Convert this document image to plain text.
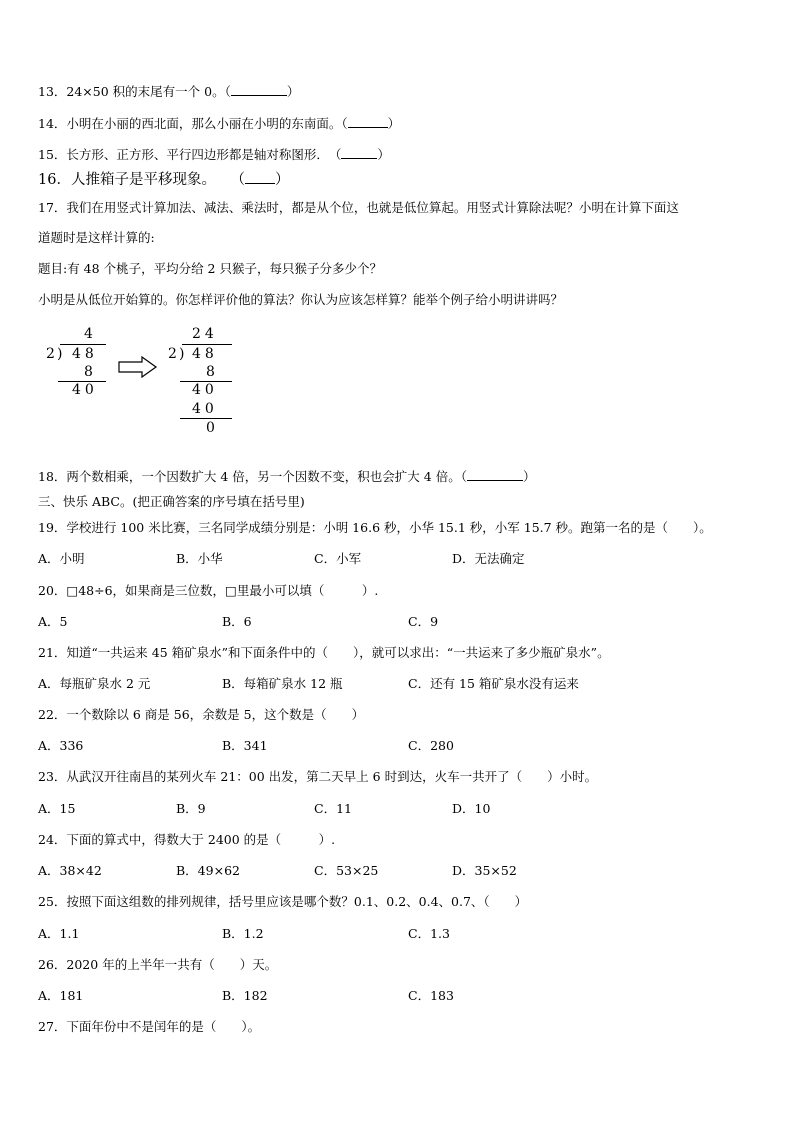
13．24×50 积的末尾有一个 0。（	）
14．小明在小丽的西北面，那么小丽在小明的东南面。（	）
15．长方形、正方形、平行四边形都是轴对称图形．　（	）
16．人推箱子是平移现象。　　（ ）
17．我们在用竖式计算加法、减法、乘法时，都是从个位，也就是低位算起。用竖式计算除法呢？小明在计算下面这
道题时是这样计算的:
题目:有 48 个桃子，平均分给 2 只猴子，每只猴子分多少个？
小明是从低位开始算的。你怎样评价他的算法？你认为应该怎样算？能举个例子给小明讲讲吗？
4
2 ) 48
8
40
24
2 ) 48
8
40
40
0
18．两个数相乘，一个因数扩大 4 倍，另一个因数不变，积也会扩大 4 倍。（	）
三、快乐 ABC。(把正确答案的序号填在括号里)
19．学校进行 100 米比赛，三名同学成绩分别是：小明 16.6 秒，小华 15.1 秒，小军 15.7 秒。跑第一名的是（　　）。
A．小明	B．小华	C．小军	D．无法确定
20．□48÷6，如果商是三位数，□里最小可以填（　　　）.
A．5	B．6	C．9
21．知道“一共运来 45 箱矿泉水”和下面条件中的（　　），就可以求出：“一共运来了多少瓶矿泉水”。
A．每瓶矿泉水 2 元	B．每箱矿泉水 12 瓶	C．还有 15 箱矿泉水没有运来
22．一个数除以 6 商是 56，余数是 5，这个数是（　　）
A．336	B．341	C．280
23．从武汉开往南昌的某列火车 21：00 出发，第二天早上 6 时到达，火车一共开了（　　）小时。
A．15	B．9	C．11	D．10
24．下面的算式中，得数大于 2400 的是（　　　）.
A．38×42	B．49×62	C．53×25	D．35×52
25．按照下面这组数的排列规律，括号里应该是哪个数？0.1、0.2、0.4、0.7、（　　）
A．1.1	B．1.2	C．1.3
26．2020 年的上半年一共有（　　）天。
A．181	B．182	C．183
27．下面年份中不是闰年的是（　　）。
